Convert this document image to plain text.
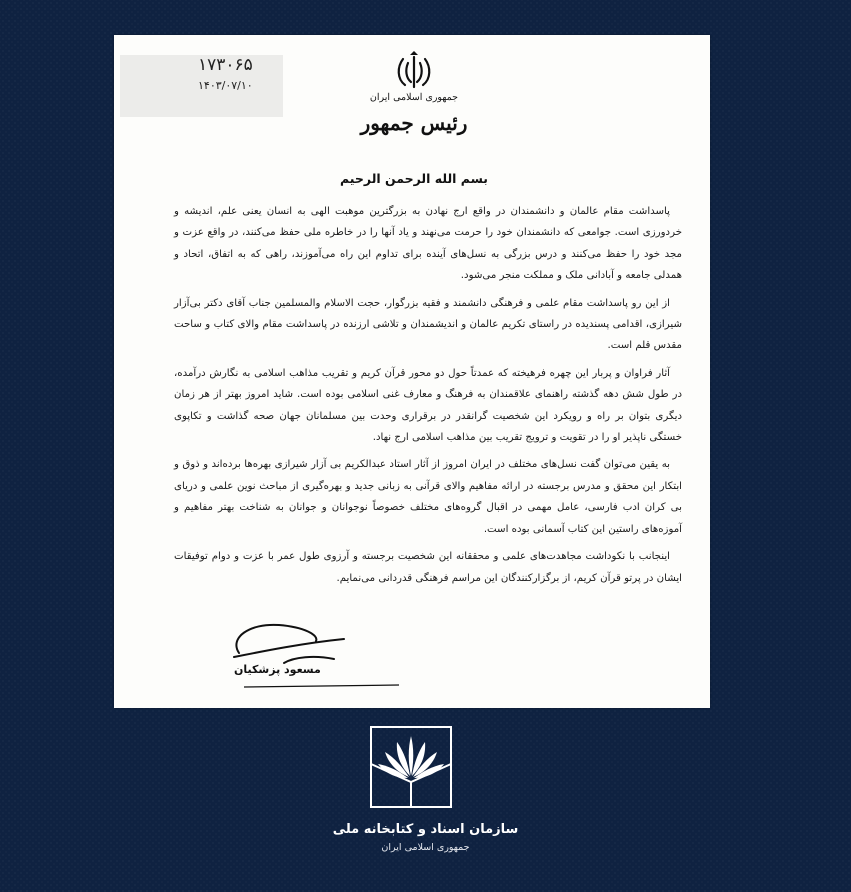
۱۷۳۰۶۵
۱۴۰۳/۰۷/۱۰
جمهوری اسلامی ایران
رئیس جمهور
بسم الله الرحمن الرحیم

پاسداشت مقام عالمان و دانشمندان در واقع ارج نهادن به بزرگترین موهبت الهی به انسان یعنی علم، اندیشه و خردورزی است. جوامعی که دانشمندان خود را حرمت می‌نهند و یاد آنها را در خاطره ملی حفظ می‌کنند، در واقع عزت و مجد خود را حفظ می‌کنند و درس بزرگی به نسل‌های آینده برای تداوم این راه می‌آموزند، راهی که به اتفاق، اتحاد و همدلی جامعه و آبادانی ملک و مملکت منجر می‌شود.

از این رو پاسداشت مقام علمی و فرهنگی دانشمند و فقیه بزرگوار، حجت الاسلام والمسلمین جناب آقای دکتر بی‌آزار شیرازی، اقدامی پسندیده در راستای تکریم عالمان و اندیشمندان و تلاشی ارزنده در پاسداشت مقام والای کتاب و ساحت مقدس قلم است.

آثار فراوان و پربار این چهره فرهیخته که عمدتاً حول دو محور قرآن کریم و تقریب مذاهب اسلامی به نگارش درآمده، در طول شش دهه گذشته راهنمای علاقمندان به فرهنگ و معارف غنی اسلامی بوده است. شاید امروز بهتر از هر زمان دیگری بتوان بر راه و رویکرد این شخصیت گرانقدر در برقراری وحدت بین مسلمانان جهان صحه گذاشت و تکاپوی خستگی ناپذیر او را در تقویت و ترویج تقریب بین مذاهب اسلامی ارج نهاد.

به یقین می‌توان گفت نسل‌های مختلف در ایران امروز از آثار استاد عبدالکریم بی آزار شیرازی بهره‌ها برده‌اند و ذوق و ابتکار این محقق و مدرس برجسته در ارائه مفاهیم والای قرآنی به زبانی جدید و بهره‌گیری از مباحث نوین علمی و دریای بی کران ادب فارسی، عامل مهمی در اقبال گروه‌های مختلف خصوصاً نوجوانان و جوانان به شناخت بهتر مفاهیم و آموزه‌های راستین این کتاب آسمانی بوده است.

اینجانب با نکوداشت مجاهدت‌های علمی و محققانه این شخصیت برجسته و آرزوی طول عمر با عزت و دوام توفیقات ایشان در پرتو قرآن کریم، از برگزارکنندگان این مراسم فرهنگی قدردانی می‌نمایم.

مسعود پزشکیان
سازمان اسناد و کتابخانه ملی
جمهوری اسلامی ایران
